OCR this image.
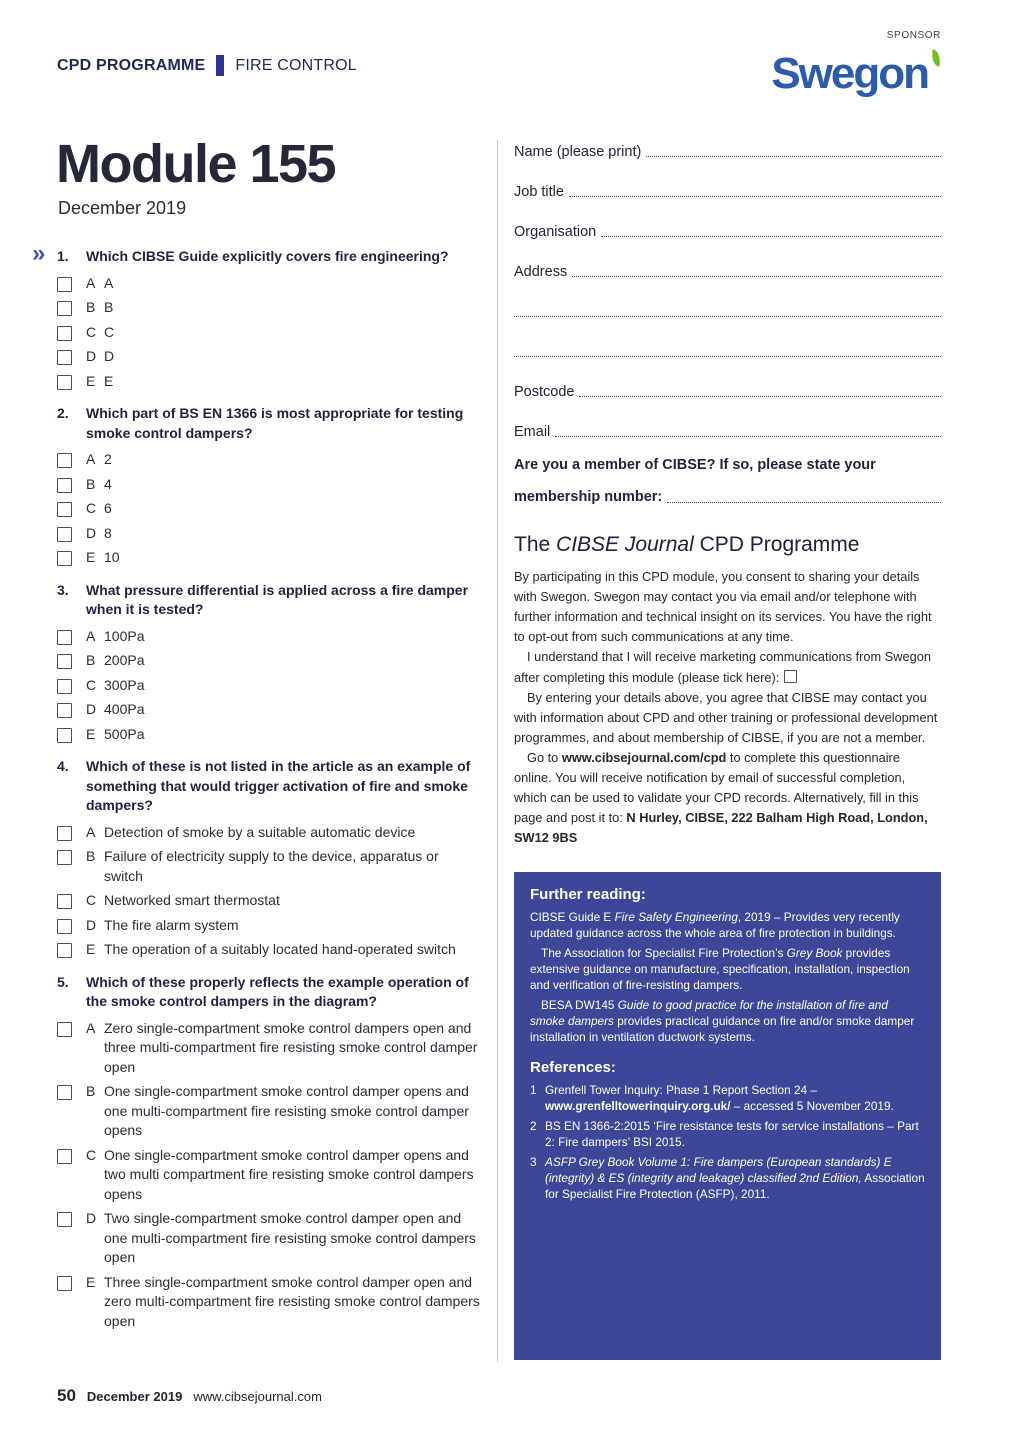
CPD PROGRAMME FIRE CONTROL
SPONSOR
Swegon
Module 155
December 2019
» 1.	Which CIBSE Guide explicitly covers fire engineering?
A A
B B
C C
D D
E E
2.	Which part of BS EN 1366 is most appropriate for testing smoke control dampers?
A 2
B 4
C 6
D 8
E 10
3.	What pressure differential is applied across a fire damper when it is tested?
A 100Pa
B 200Pa
C 300Pa
D 400Pa
E 500Pa
4.	Which of these is not listed in the article as an example of something that would trigger activation of fire and smoke dampers?
A Detection of smoke by a suitable automatic device
B Failure of electricity supply to the device, apparatus or switch
C Networked smart thermostat
D The fire alarm system
E The operation of a suitably located hand-operated switch
5.	Which of these properly reflects the example operation of the smoke control dampers in the diagram?
A Zero single-compartment smoke control dampers open and three multi-compartment fire resisting smoke control damper open
B One single-compartment smoke control damper opens and one multi-compartment fire resisting smoke control damper opens
C One single-compartment smoke control damper opens and two multi compartment fire resisting smoke control dampers opens
D Two single-compartment smoke control damper open and one multi-compartment fire resisting smoke control dampers open
E Three single-compartment smoke control damper open and zero multi-compartment fire resisting smoke control dampers open
Name (please print)
Job title
Organisation
Address
Postcode
Email
Are you a member of CIBSE? If so, please state your
membership number:
The CIBSE Journal CPD Programme

By participating in this CPD module, you consent to sharing your details with Swegon. Swegon may contact you via email and/or telephone with further information and technical insight on its services. You have the right to opt-out from such communications at any time.

I understand that I will receive marketing communications from Swegon after completing this module (please tick here):

By entering your details above, you agree that CIBSE may contact you with information about CPD and other training or professional development programmes, and about membership of CIBSE, if you are not a member.

Go to www.cibsejournal.com/cpd to complete this questionnaire online. You will receive notification by email of successful completion, which can be used to validate your CPD records. Alternatively, fill in this page and post it to: N Hurley, CIBSE, 222 Balham High Road, London, SW12 9BS

Further reading:

CIBSE Guide E Fire Safety Engineering, 2019 – Provides very recently updated guidance across the whole area of fire protection in buildings.

The Association for Specialist Fire Protection’s Grey Book provides extensive guidance on manufacture, specification, installation, inspection and verification of fire-resisting dampers.

BESA DW145 Guide to good practice for the installation of fire and smoke dampers provides practical guidance on fire and/or smoke damper installation in ventilation ductwork systems.

References:
1 Grenfell Tower Inquiry: Phase 1 Report Section 24 – www.grenfelltowerinquiry.org.uk/ – accessed 5 November 2019.
2 BS EN 1366-2:2015 ‘Fire resistance tests for service installations – Part 2: Fire dampers’ BSI 2015.
3 ASFP Grey Book Volume 1: Fire dampers (European standards) E (integrity) & ES (integrity and leakage) classified 2nd Edition, Association for Specialist Fire Protection (ASFP), 2011.
50 December 2019 www.cibsejournal.com
